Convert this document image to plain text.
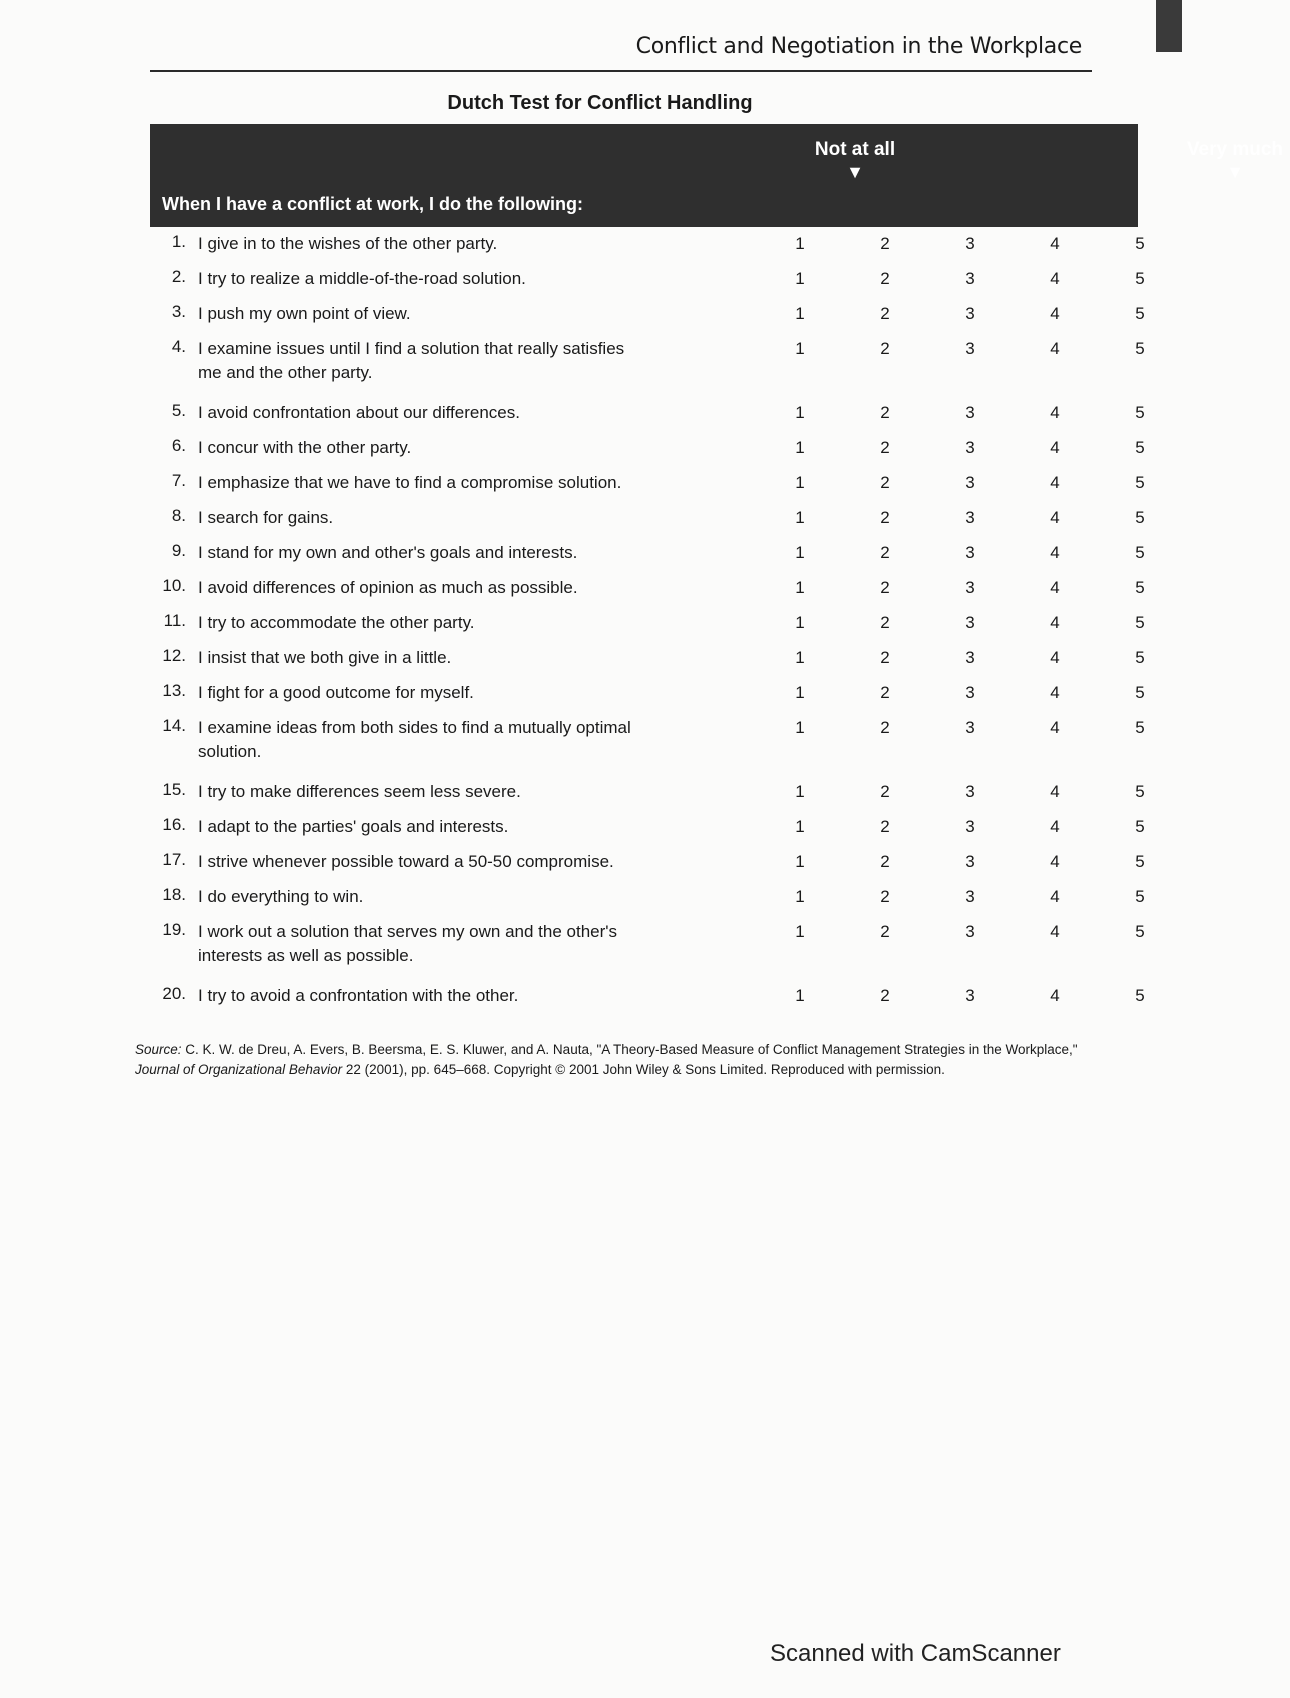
Conflict and Negotiation in the Workplace
Dutch Test for Conflict Handling
Not at all
▼
Very much
▼
When I have a conflict at work, I do the following:
1. I give in to the wishes of the other party.	1	2	3	4	5
2. I try to realize a middle-of-the-road solution.	1	2	3	4	5
3. I push my own point of view.	1	2	3	4	5
4. I examine issues until I find a solution that really satisfies me and the other party.
1	2	3	4	5
5. I avoid confrontation about our differences.	1	2	3	4	5
6. I concur with the other party.	1	2	3	4	5
7. I emphasize that we have to find a compromise solution.	1	2	3	4	5
8. I search for gains.	1	2	3	4	5
9. I stand for my own and other's goals and interests.	1	2	3	4	5
10. I avoid differences of opinion as much as possible.	1	2	3	4	5
11. I try to accommodate the other party.	1	2	3	4	5
12. I insist that we both give in a little.	1	2	3	4	5
13. I fight for a good outcome for myself.	1	2	3	4	5
14. I examine ideas from both sides to find a mutually optimal solution.
1	2	3	4	5
15. I try to make differences seem less severe.	1	2	3	4	5
16. I adapt to the parties' goals and interests.	1	2	3	4	5
17. I strive whenever possible toward a 50-50 compromise.	1	2	3	4	5
18. I do everything to win.	1	2	3	4	5
19. I work out a solution that serves my own and the other's interests as well as possible.
1	2	3	4	5
20. I try to avoid a confrontation with the other.	1	2	3	4	5
Source: C. K. W. de Dreu, A. Evers, B. Beersma, E. S. Kluwer, and A. Nauta, "A Theory-Based Measure of Conflict Management Strategies in the Workplace," Journal of Organizational Behavior 22 (2001), pp. 645–668. Copyright © 2001 John Wiley & Sons Limited. Reproduced with permission.
Scanned with CamScanner
